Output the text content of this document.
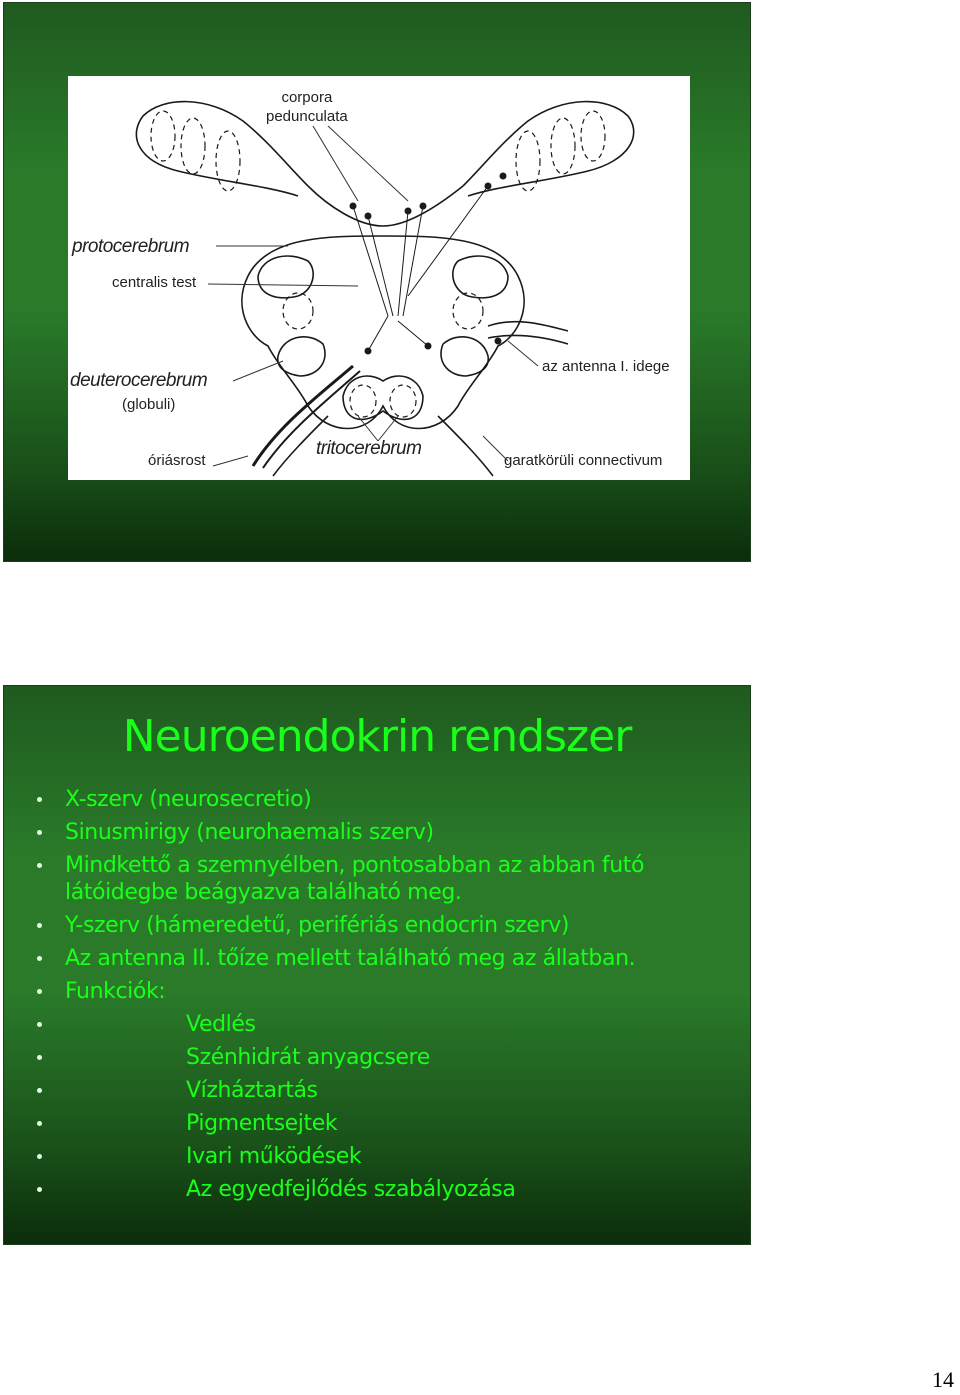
corpora
pedunculata
protocerebrum
centralis test
deuterocerebrum
(globuli)
az antenna I. idege
óriásrost
tritocerebrum
garatkörüli connectivum
Neuroendokrin rendszer
X-szerv (neurosecretio)
Sinusmirigy (neurohaemalis szerv)
Mindkettő a szemnyélben, pontosabban az abban futó látóidegbe beágyazva található meg.
Y-szerv (hámeredetű, perifériás endocrin szerv)
Az antenna II. tőíze mellett található meg az állatban.
Funkciók:
Vedlés
Szénhidrát anyagcsere
Vízháztartás
Pigmentsejtek
Ivari működések
Az egyedfejlődés szabályozása
14
